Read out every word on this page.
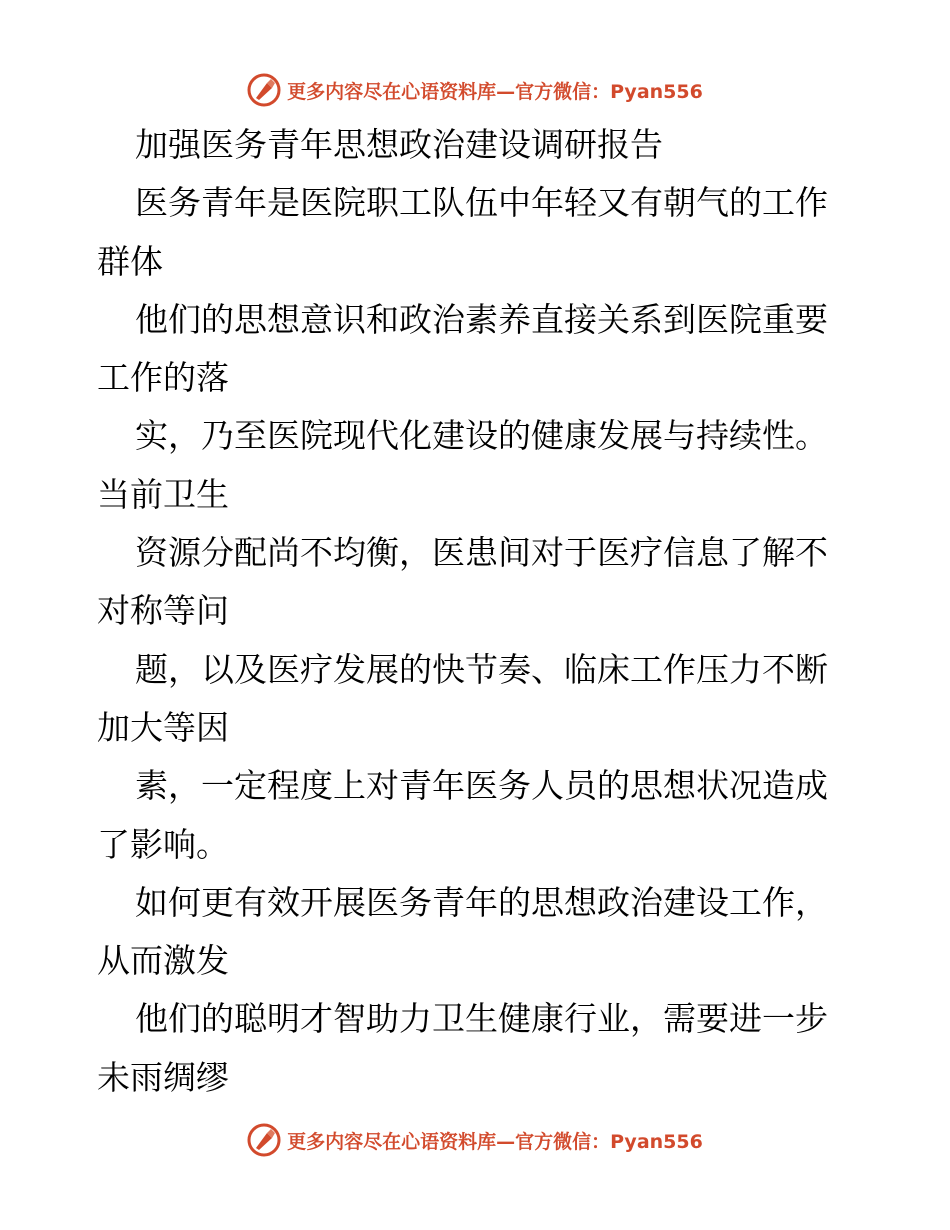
更多内容尽在心语资料库—官方微信：Pyan556
加强医务青年思想政治建设调研报告
医务青年是医院职工队伍中年轻又有朝气的工作
群体
他们的思想意识和政治素养直接关系到医院重要
工作的落
实，乃至医院现代化建设的健康发展与持续性。
当前卫生
资源分配尚不均衡，医患间对于医疗信息了解不
对称等问
题，以及医疗发展的快节奏、临床工作压力不断
加大等因
素，一定程度上对青年医务人员的思想状况造成
了影响。
如何更有效开展医务青年的思想政治建设工作，
从而激发
他们的聪明才智助力卫生健康行业，需要进一步
未雨绸缪
更多内容尽在心语资料库—官方微信：Pyan556
